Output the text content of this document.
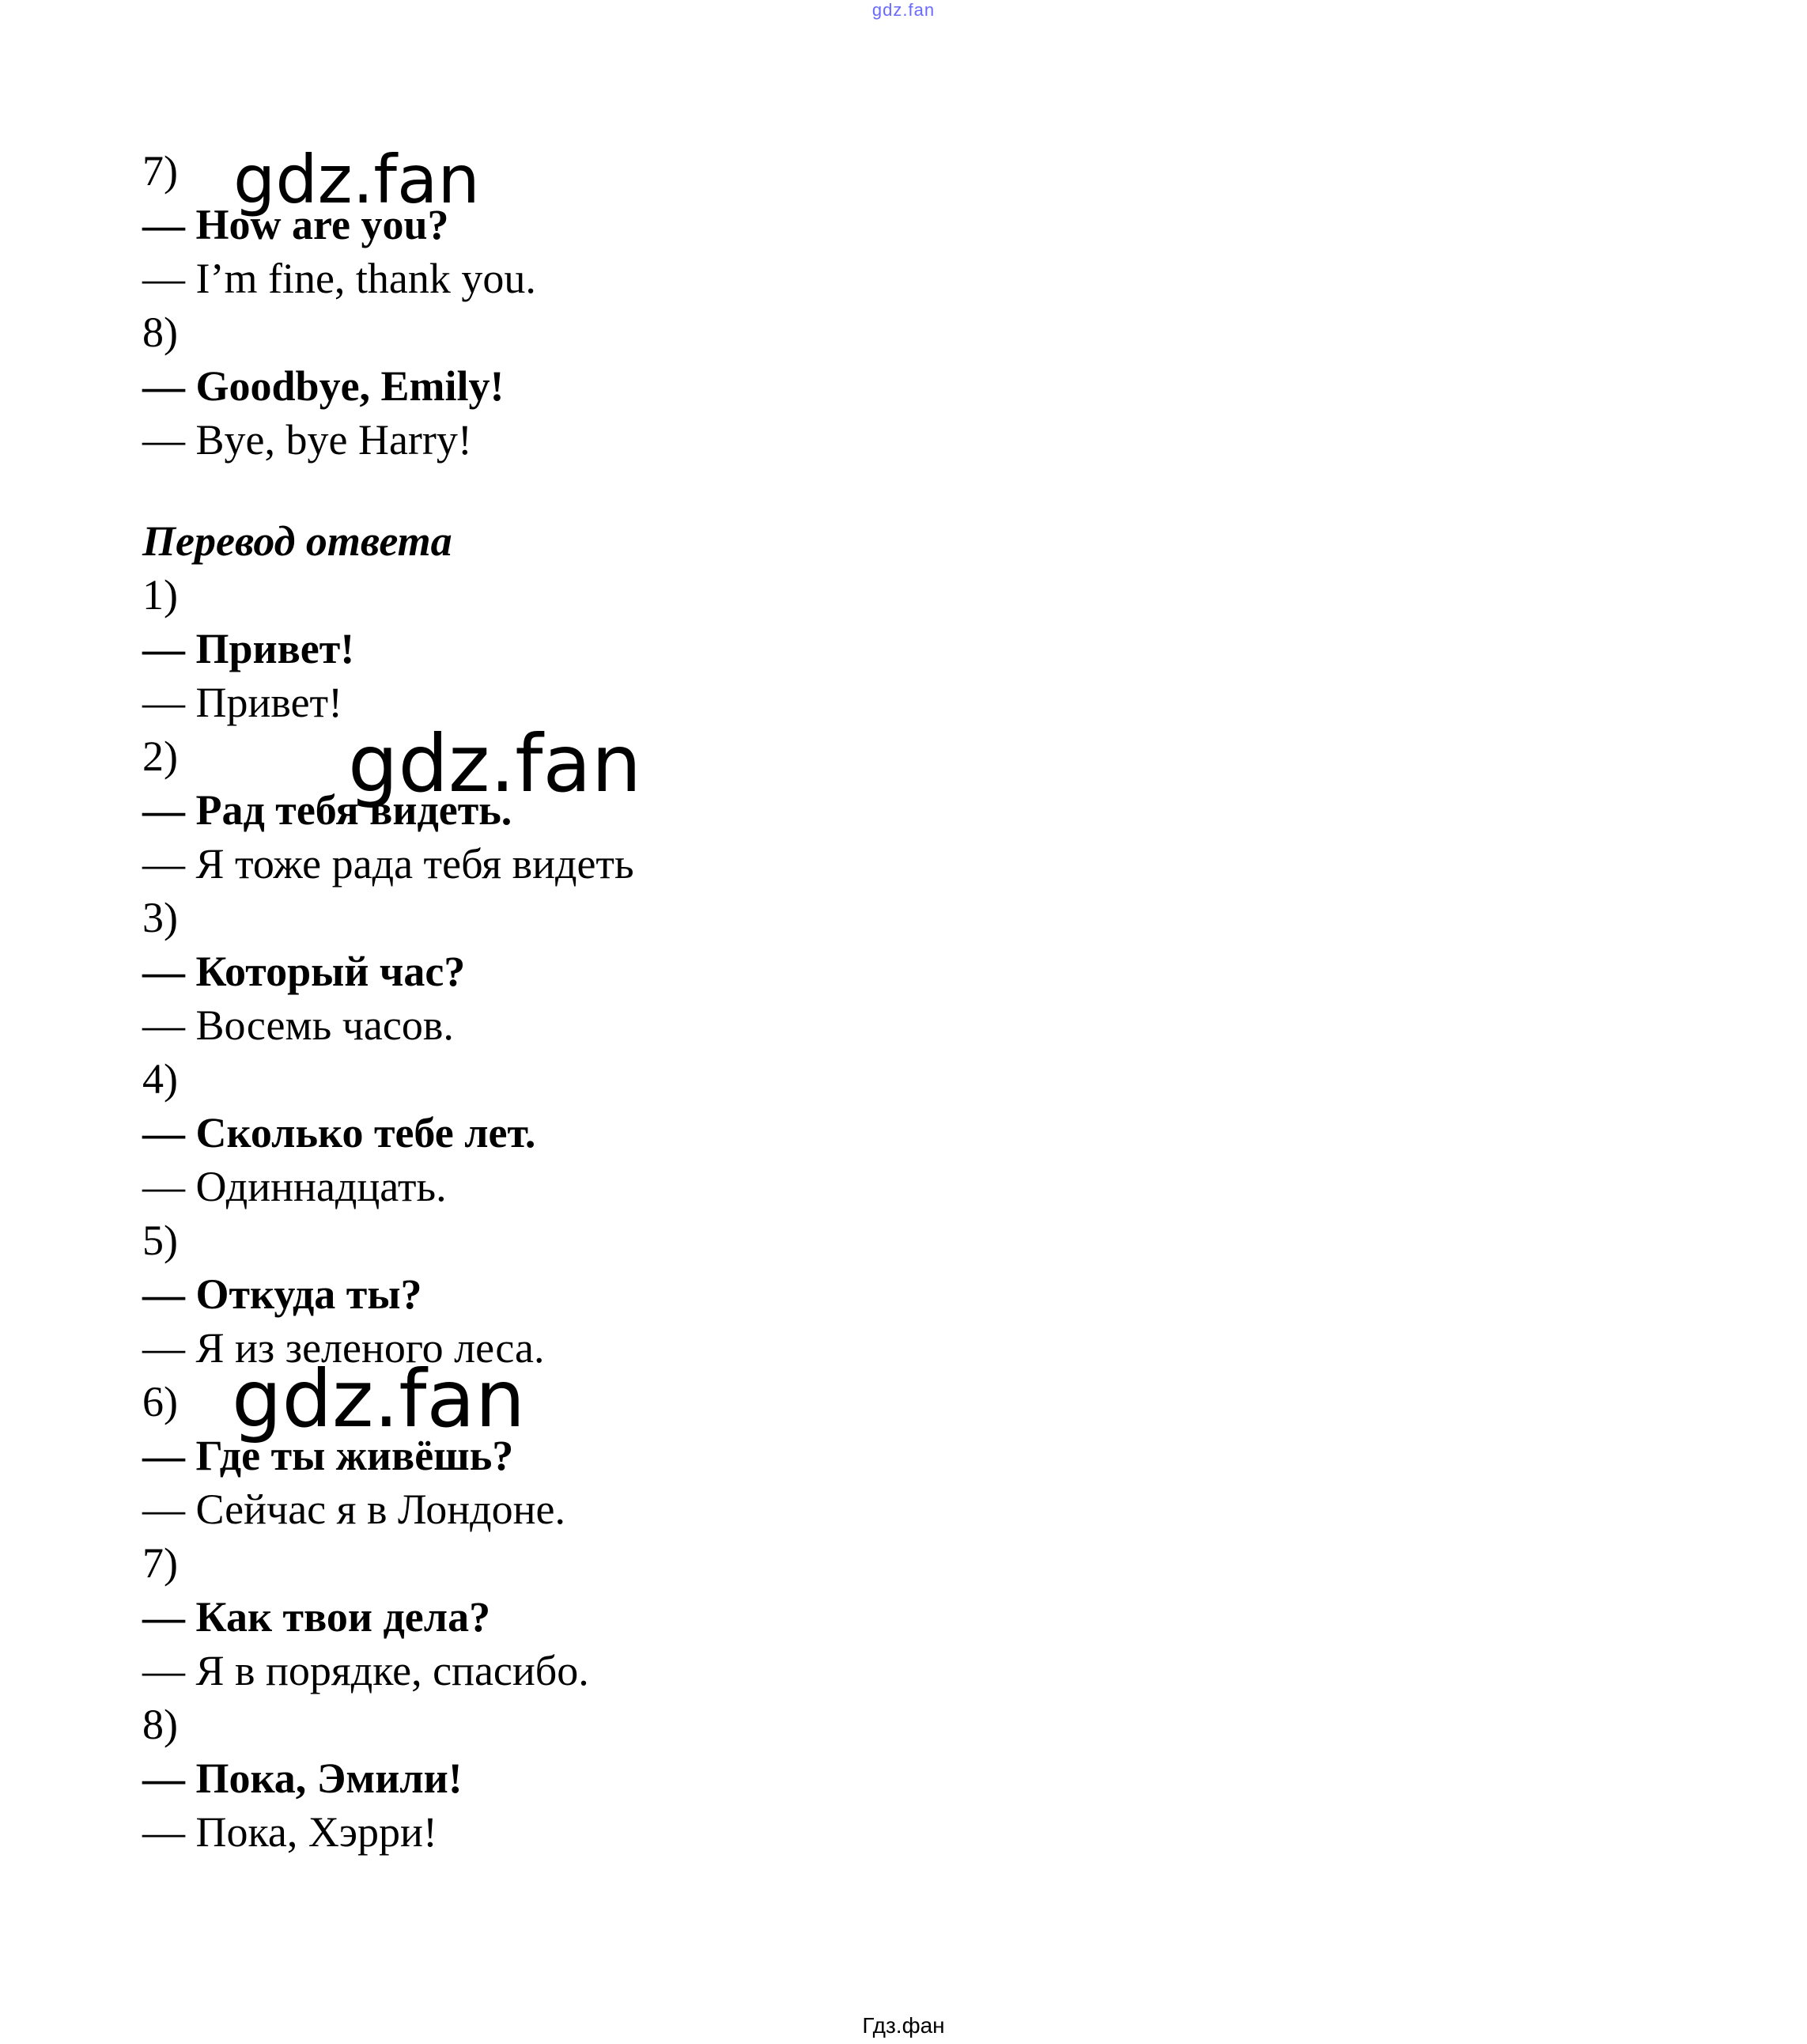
gdz.fan
7)
— How are you?
— I’m fine, thank you.
8)
— Goodbye, Emily!
— Bye, bye Harry!
Перевод ответа
1)
— Привет!
— Привет!
2)
— Рад тебя видеть.
— Я тоже рада тебя видеть
3)
— Который час?
— Восемь часов.
4)
— Сколько тебе лет.
— Одиннадцать.
5)
— Откуда ты?
— Я из зеленого леса.
6)
— Где ты живёшь?
— Сейчас я в Лондоне.
7)
— Как твои дела?
— Я в порядке, спасибо.
8)
— Пока, Эмили!
— Пока, Хэрри!
gdz.fan
gdz.fan
gdz.fan
Гдз.фан
